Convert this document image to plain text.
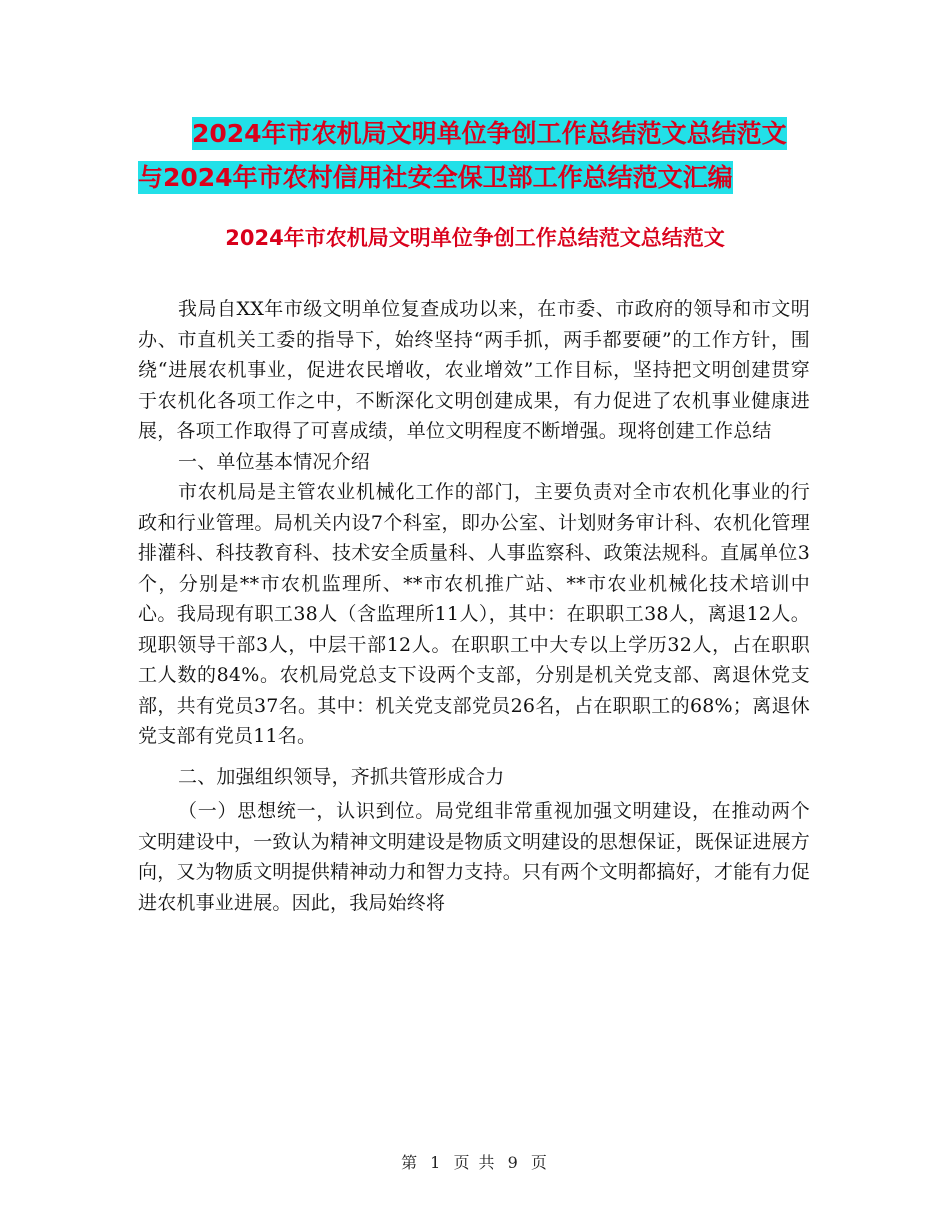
2024年市农机局文明单位争创工作总结范文总结范文
与2024年市农村信用社安全保卫部工作总结范文汇编
2024年市农机局文明单位争创工作总结范文总结范文

我局自XX年市级文明单位复查成功以来，在市委、市政府的领导和市文明办、市直机关工委的指导下，始终坚持“两手抓，两手都要硬”的工作方针，围绕“进展农机事业，促进农民增收，农业增效”工作目标，坚持把文明创建贯穿于农机化各项工作之中，不断深化文明创建成果，有力促进了农机事业健康进展，各项工作取得了可喜成绩，单位文明程度不断增强。现将创建工作总结

一、单位基本情况介绍

市农机局是主管农业机械化工作的部门，主要负责对全市农机化事业的行政和行业管理。局机关内设7个科室，即办公室、计划财务审计科、农机化管理排灌科、科技教育科、技术安全质量科、人事监察科、政策法规科。直属单位3个，分别是**市农机监理所、**市农机推广站、**市农业机械化技术培训中心。我局现有职工38人（含监理所11人），其中：在职职工38人，离退12人。现职领导干部3人，中层干部12人。在职职工中大专以上学历32人，占在职职工人数的84%。农机局党总支下设两个支部，分别是机关党支部、离退休党支部，共有党员37名。其中：机关党支部党员26名，占在职职工的68%；离退休党支部有党员11名。

二、加强组织领导，齐抓共管形成合力

（一）思想统一，认识到位。局党组非常重视加强文明建设，在推动两个文明建设中，一致认为精神文明建设是物质文明建设的思想保证，既保证进展方向，又为物质文明提供精神动力和智力支持。只有两个文明都搞好，才能有力促进农机事业进展。因此，我局始终将

第 1 页 共 9 页
